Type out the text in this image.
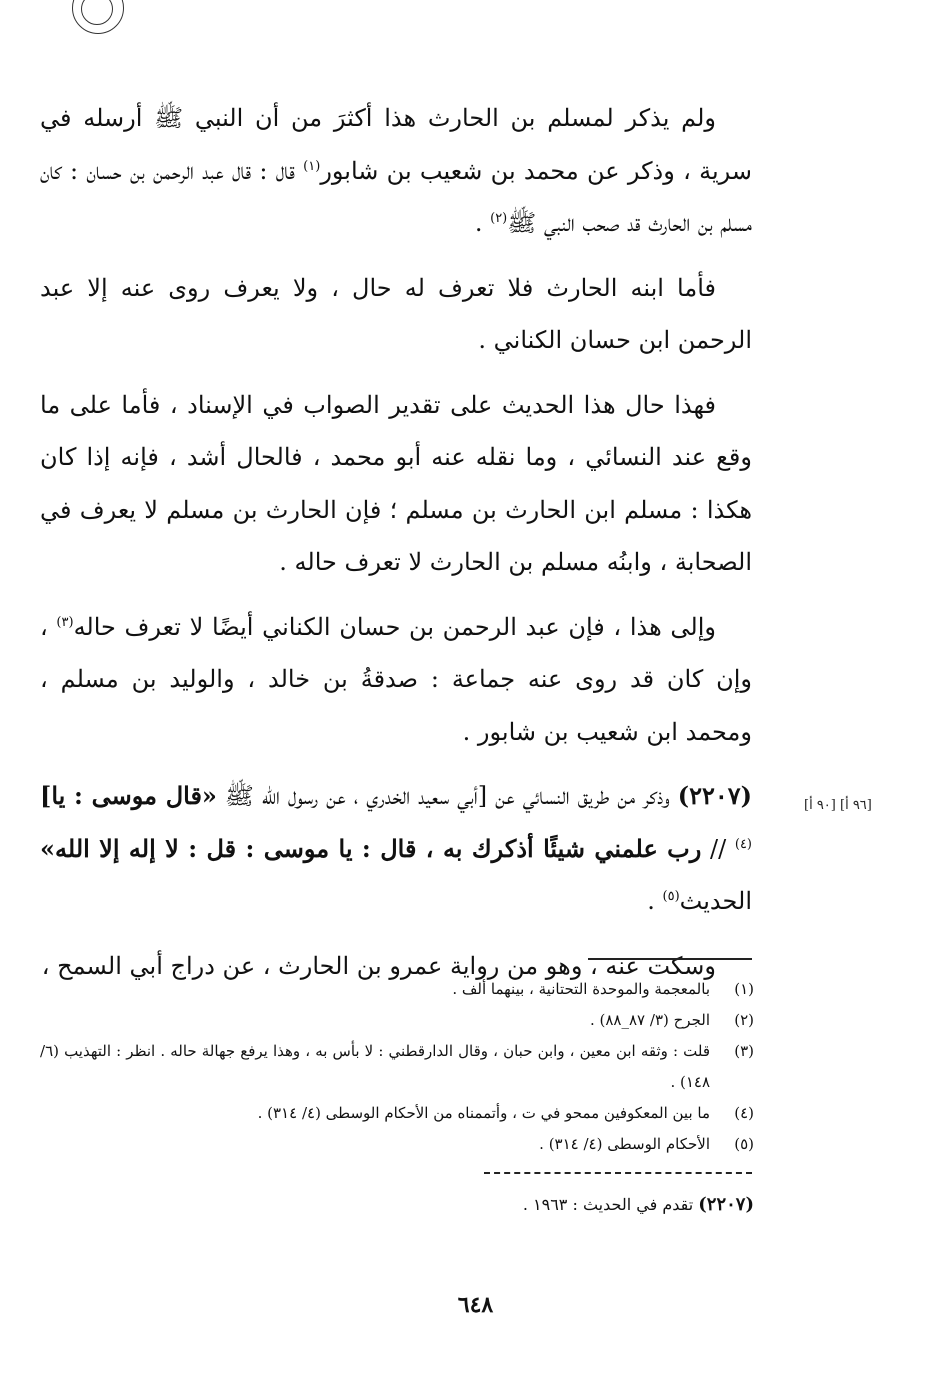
ولم يذكر لمسلم بن الحارث هذا أكثرَ من أن النبي ﷺ أرسله في سرية ، وذكر عن محمد بن شعيب بن شابور$^{(١)}$ قال : قال عبد الرحمن بن حسان : كان مسلم بن الحارث قد صحب النبي ﷺ$^{(٢)}$ .

فأما ابنه الحارث فلا تعرف له حال ، ولا يعرف روى عنه إلا عبد الرحمن ابن حسان الكناني .

فهذا حال هذا الحديث على تقدير الصواب في الإسناد ، فأما على ما وقع عند النسائي ، وما نقله عنه أبو محمد ، فالحال أشد ، فإنه إذا كان هكذا : مسلم ابن الحارث بن مسلم ؛ فإن الحارث بن مسلم لا يعرف في الصحابة ، وابنُه مسلم بن الحارث لا تعرف حاله .

وإلى هذا ، فإن عبد الرحمن بن حسان الكناني أيضًا لا تعرف حاله$^{(٣)}$ ، وإن كان قد روى عنه جماعة : صدقةُ بن خالد ، والوليد بن مسلم ، ومحمد ابن شعيب بن شابور .

(٢٢٠٧) وذكر من طريق النسائي عن [أبي سعيد الخدري ، عن رسول الله ﷺ «قال موسى : يا]$^{(٤)}$ // رب علمني شيئًا أذكرك به ، قال : يا موسى : قل : لا إله إلا الله» الحديث$^{(٥)}$ .

وسكت عنه ، وهو من رواية عمرو بن الحارث ، عن دراج أبي السمح ،

[٩٦ أ] [٩٠ أ]
(١)
بالمعجمة والموحدة التحتانية ، بينهما ألف .
(٢)
الجرح (٣/ ٨٧_٨٨) .
(٣)
قلت : وثقه ابن معين ، وابن حبان ، وقال الدارقطني : لا بأس به ، وهذا يرفع جهالة حاله . انظر : التهذيب (٦/ ١٤٨) .
(٤)
ما بين المعكوفين ممحو في ت ، وأتممناه من الأحكام الوسطى (٤/ ٣١٤) .
(٥)
الأحكام الوسطى (٤/ ٣١٤) .
(٢٢٠٧) تقدم في الحديث : ١٩٦٣ .
٦٤٨
